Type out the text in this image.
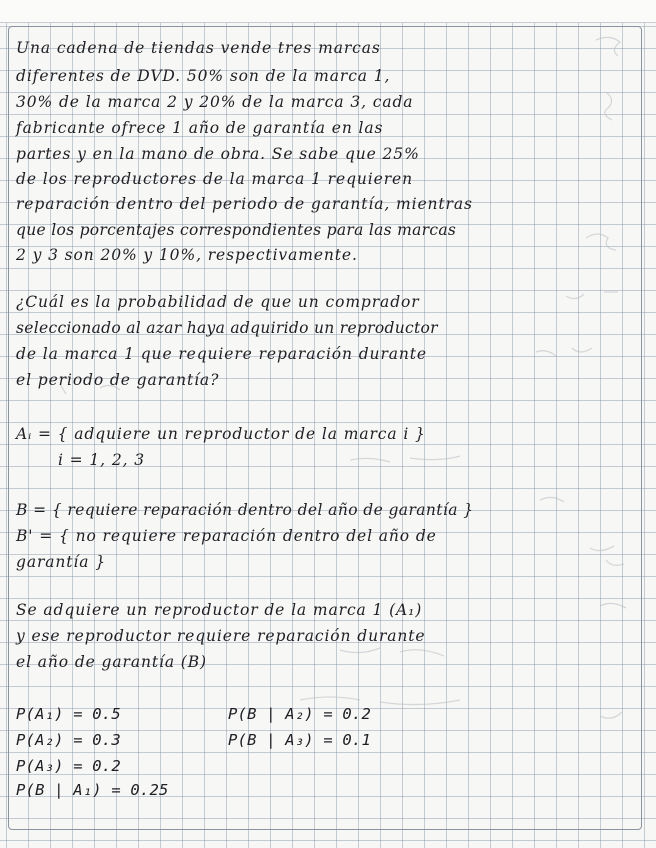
Una cadena de tiendas vende tres marcas
diferentes de DVD. 50% son de la marca 1,
30% de la marca 2 y 20% de la marca 3, cada
fabricante ofrece 1 año de garantía en las
partes y en la mano de obra. Se sabe que 25%
de los reproductores de la marca 1 requieren
reparación dentro del periodo de garantía, mientras
que los porcentajes correspondientes para las marcas
2 y 3 son 20% y 10%, respectivamente.
¿Cuál es la probabilidad de que un comprador
seleccionado al azar haya adquirido un reproductor
de la marca 1 que requiere reparación durante
el periodo de garantía?
Aᵢ = { adquiere un reproductor de la marca i }
i = 1, 2, 3
B = { requiere reparación dentro del año de garantía }
B' = { no requiere reparación dentro del año de
garantía }
Se adquiere un reproductor de la marca 1 (A₁)
y ese reproductor requiere reparación durante
el año de garantía (B)
P(A₁) = 0.5
P(A₂) = 0.3
P(A₃) = 0.2
P(B | A₁) = 0.25
P(B | A₂) = 0.2
P(B | A₃) = 0.1
